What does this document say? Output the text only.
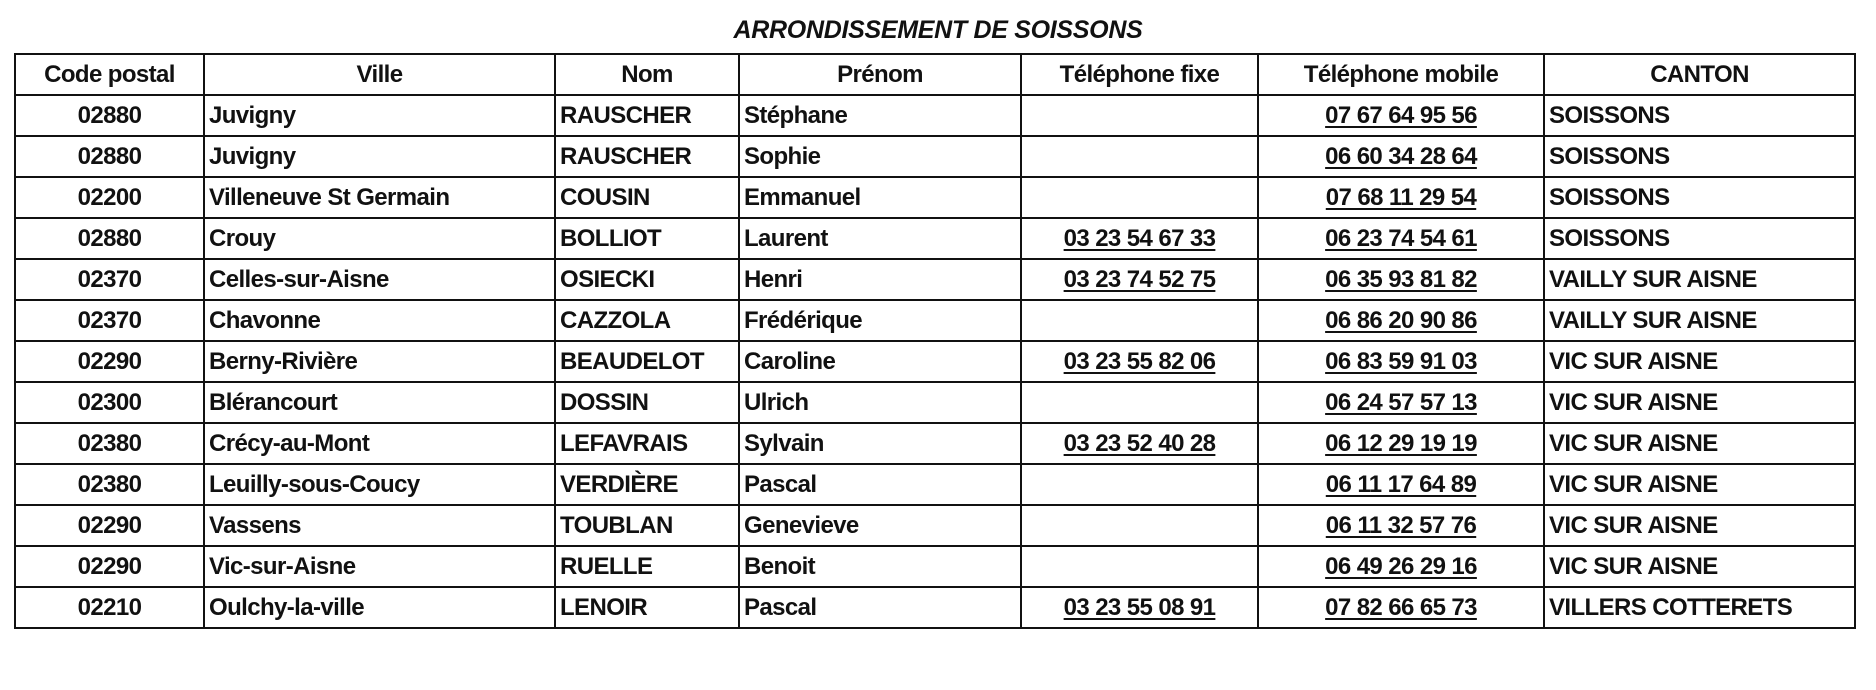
ARRONDISSEMENT DE SOISSONS
Code postal	Ville	Nom	Prénom	Téléphone fixe	Téléphone mobile	CANTON
02880	Juvigny	RAUSCHER	Stéphane		07 67 64 95 56	SOISSONS
02880	Juvigny	RAUSCHER	Sophie		06 60 34 28 64	SOISSONS
02200	Villeneuve St Germain	COUSIN	Emmanuel		07 68 11 29 54	SOISSONS
02880	Crouy	BOLLIOT	Laurent	03 23 54 67 33	06 23 74 54 61	SOISSONS
02370	Celles-sur-Aisne	OSIECKI	Henri	03 23 74 52 75	06 35 93 81 82	VAILLY SUR AISNE
02370	Chavonne	CAZZOLA	Frédérique		06 86 20 90 86	VAILLY SUR AISNE
02290	Berny-Rivière	BEAUDELOT	Caroline	03 23 55 82 06	06 83 59 91 03	VIC SUR AISNE
02300	Blérancourt	DOSSIN	Ulrich		06 24 57 57 13	VIC SUR AISNE
02380	Crécy-au-Mont	LEFAVRAIS	Sylvain	03 23 52 40 28	06 12 29 19 19	VIC SUR AISNE
02380	Leuilly-sous-Coucy	VERDIÈRE	Pascal		06 11 17 64 89	VIC SUR AISNE
02290	Vassens	TOUBLAN	Genevieve		06 11 32 57 76	VIC SUR AISNE
02290	Vic-sur-Aisne	RUELLE	Benoit		06 49 26 29 16	VIC SUR AISNE
02210	Oulchy-la-ville	LENOIR	Pascal	03 23 55 08 91	07 82 66 65 73	VILLERS COTTERETS
